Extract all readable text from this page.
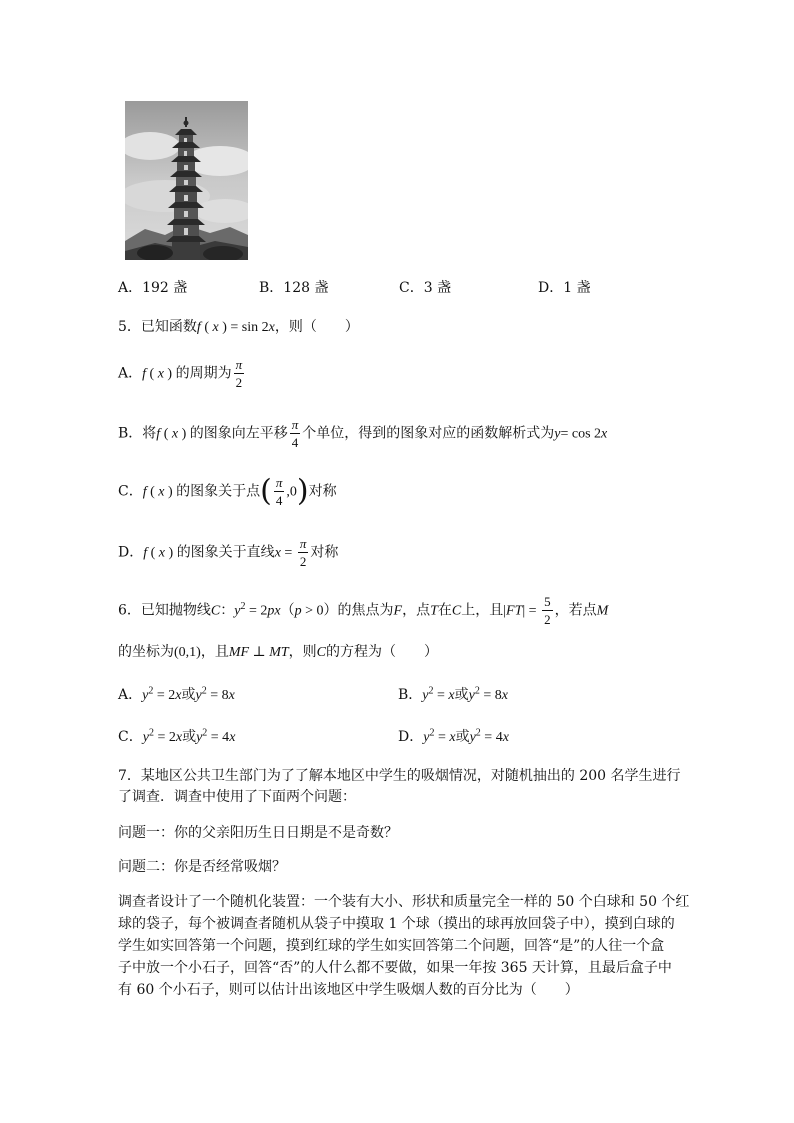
A．192 盏	B．128 盏	C．3 盏	D．1 盏
5．已知函数f ( x ) = sin 2x，则（　　）
A．f ( x ) 的周期为 $\frac{\pi}{2}$
B．将f ( x ) 的图象向左平移 $\frac{\pi}{4}$ 个单位，得到的图象对应的函数解析式为y= cos 2x
C．f ( x ) 的图象关于点( $\frac{\pi}{4} ,0$)对称
D．f ( x ) 的图象关于直线$x = \frac{\pi}{2}$ 对称
6．已知抛物线C：$y^2 = 2px(p > 0)$的焦点为F，点T在C上，且$|FT| = \frac{5}{2}$ ，若点M
的坐标为(0,1)，且MF ⊥ MT，则C的方程为（　　）
A．$y^2 = 2x$或$y^2 = 8x$	B．$y^2 = x$或$y^2 = 8x$
C．$y^2 = 2x$或$y^2 = 4x$	D．$y^2 = x$或$y^2 = 4x$
7．某地区公共卫生部门为了了解本地区中学生的吸烟情况，对随机抽出的 200 名学生进行
了调查．调查中使用了下面两个问题：
问题一：你的父亲阳历生日日期是不是奇数？
问题二：你是否经常吸烟？
调查者设计了一个随机化装置：一个装有大小、形状和质量完全一样的 50 个白球和 50 个红
球的袋子，每个被调查者随机从袋子中摸取 1 个球（摸出的球再放回袋子中），摸到白球的
学生如实回答第一个问题，摸到红球的学生如实回答第二个问题，回答“是”的人往一个盒
子中放一个小石子，回答“否”的人什么都不要做，如果一年按 365 天计算，且最后盒子中
有 60 个小石子，则可以估计出该地区中学生吸烟人数的百分比为（　　）
